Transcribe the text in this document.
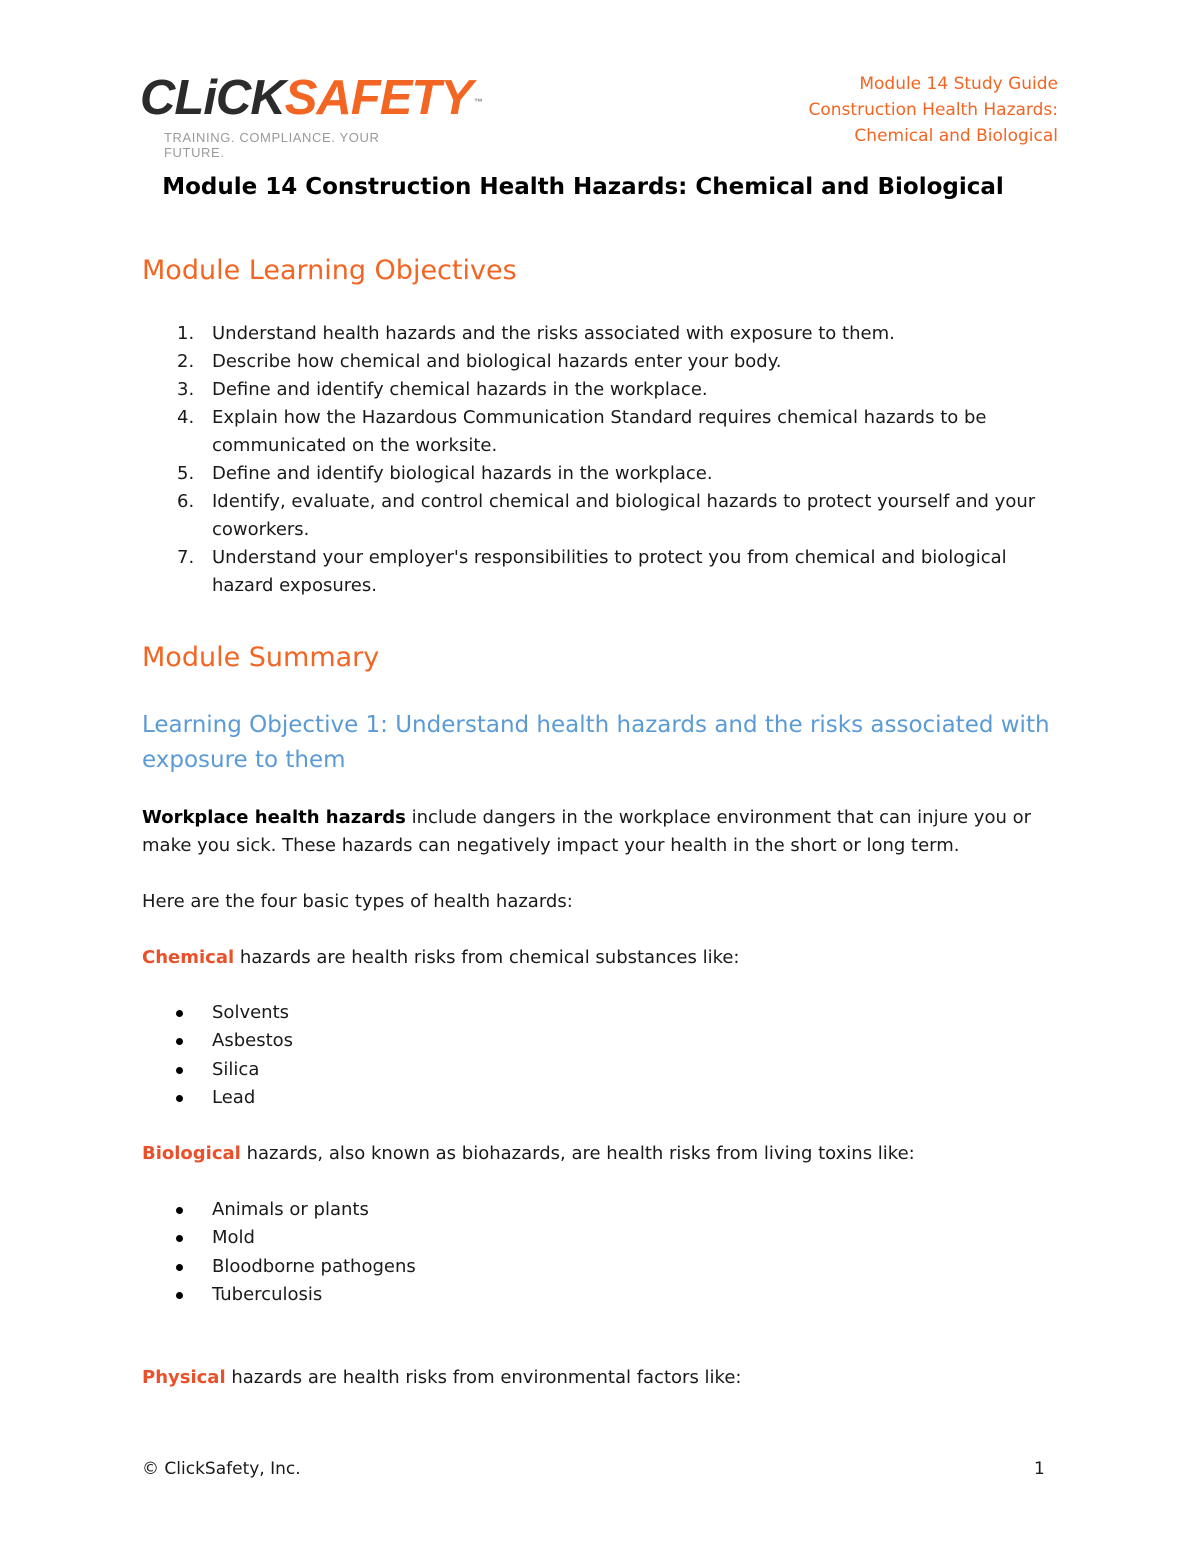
CLiCK SAFETY ™
TRAINING. COMPLIANCE. YOUR FUTURE.
Module 14 Study Guide
Construction Health Hazards:
Chemical and Biological
Module 14 Construction Health Hazards: Chemical and Biological
Module Learning Objectives
1. Understand health hazards and the risks associated with exposure to them.
2. Describe how chemical and biological hazards enter your body.
3. Define and identify chemical hazards in the workplace.
4. Explain how the Hazardous Communication Standard requires chemical hazards to be communicated on the worksite.
5. Define and identify biological hazards in the workplace.
6. Identify, evaluate, and control chemical and biological hazards to protect yourself and your coworkers.
7. Understand your employer's responsibilities to protect you from chemical and biological hazard exposures.
Module Summary
Learning Objective 1: Understand health hazards and the risks associated with exposure to them
Workplace health hazards include dangers in the workplace environment that can injure you or make you sick. These hazards can negatively impact your health in the short or long term.
Here are the four basic types of health hazards:
Chemical hazards are health risks from chemical substances like:
Solvents
Asbestos
Silica
Lead
Biological hazards, also known as biohazards, are health risks from living toxins like:
Animals or plants
Mold
Bloodborne pathogens
Tuberculosis
Physical hazards are health risks from environmental factors like:
© ClickSafety, Inc.	1
